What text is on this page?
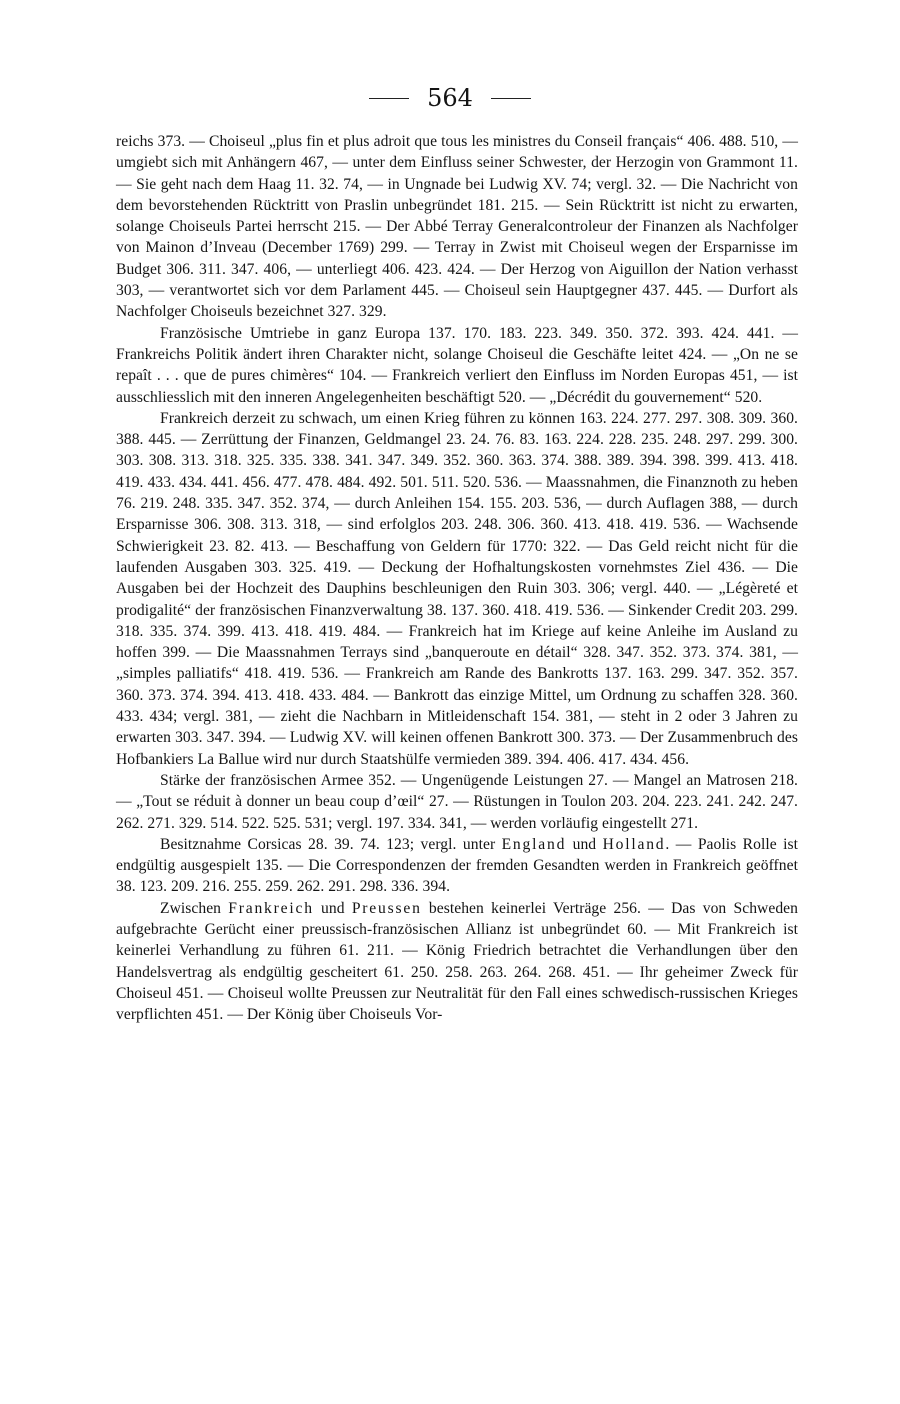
564

reichs 373. — Choiseul „plus fin et plus adroit que tous les ministres du Conseil français“ 406. 488. 510, — umgiebt sich mit Anhängern 467, — unter dem Einfluss seiner Schwester, der Herzogin von Grammont 11. — Sie geht nach dem Haag 11. 32. 74, — in Ungnade bei Ludwig XV. 74; vergl. 32. — Die Nachricht von dem bevorstehenden Rücktritt von Praslin unbegründet 181. 215. — Sein Rücktritt ist nicht zu erwarten, solange Choiseuls Partei herrscht 215. — Der Abbé Terray Generalcontroleur der Finanzen als Nachfolger von Mainon d’Inveau (December 1769) 299. — Terray in Zwist mit Choiseul wegen der Ersparnisse im Budget 306. 311. 347. 406, — unterliegt 406. 423. 424. — Der Herzog von Aiguillon der Nation verhasst 303, — verantwortet sich vor dem Parlament 445. — Choiseul sein Hauptgegner 437. 445. — Durfort als Nachfolger Choiseuls bezeichnet 327. 329.

Französische Umtriebe in ganz Europa 137. 170. 183. 223. 349. 350. 372. 393. 424. 441. — Frankreichs Politik ändert ihren Charakter nicht, solange Choiseul die Geschäfte leitet 424. — „On ne se repaît . . . que de pures chimères“ 104. — Frankreich verliert den Einfluss im Norden Europas 451, — ist ausschliesslich mit den inneren Angelegenheiten beschäftigt 520. — „Décrédit du gouvernement“ 520.

Frankreich derzeit zu schwach, um einen Krieg führen zu können 163. 224. 277. 297. 308. 309. 360. 388. 445. — Zerrüttung der Finanzen, Geldmangel 23. 24. 76. 83. 163. 224. 228. 235. 248. 297. 299. 300. 303. 308. 313. 318. 325. 335. 338. 341. 347. 349. 352. 360. 363. 374. 388. 389. 394. 398. 399. 413. 418. 419. 433. 434. 441. 456. 477. 478. 484. 492. 501. 511. 520. 536. — Maassnahmen, die Finanznoth zu heben 76. 219. 248. 335. 347. 352. 374, — durch Anleihen 154. 155. 203. 536, — durch Auflagen 388, — durch Ersparnisse 306. 308. 313. 318, — sind erfolglos 203. 248. 306. 360. 413. 418. 419. 536. — Wachsende Schwierigkeit 23. 82. 413. — Beschaffung von Geldern für 1770: 322. — Das Geld reicht nicht für die laufenden Ausgaben 303. 325. 419. — Deckung der Hofhaltungskosten vornehmstes Ziel 436. — Die Ausgaben bei der Hochzeit des Dauphins beschleunigen den Ruin 303. 306; vergl. 440. — „Légèreté et prodigalité“ der französischen Finanzverwaltung 38. 137. 360. 418. 419. 536. — Sinkender Credit 203. 299. 318. 335. 374. 399. 413. 418. 419. 484. — Frankreich hat im Kriege auf keine Anleihe im Ausland zu hoffen 399. — Die Maassnahmen Terrays sind „banqueroute en détail“ 328. 347. 352. 373. 374. 381, — „simples palliatifs“ 418. 419. 536. — Frankreich am Rande des Bankrotts 137. 163. 299. 347. 352. 357. 360. 373. 374. 394. 413. 418. 433. 484. — Bankrott das einzige Mittel, um Ordnung zu schaffen 328. 360. 433. 434; vergl. 381, — zieht die Nachbarn in Mitleidenschaft 154. 381, — steht in 2 oder 3 Jahren zu erwarten 303. 347. 394. — Ludwig XV. will keinen offenen Bankrott 300. 373. — Der Zusammenbruch des Hofbankiers La Ballue wird nur durch Staatshülfe vermieden 389. 394. 406. 417. 434. 456.

Stärke der französischen Armee 352. — Ungenügende Leistungen 27. — Mangel an Matrosen 218. — „Tout se réduit à donner un beau coup d’œil“ 27. — Rüstungen in Toulon 203. 204. 223. 241. 242. 247. 262. 271. 329. 514. 522. 525. 531; vergl. 197. 334. 341, — werden vorläufig eingestellt 271.

Besitznahme Corsicas 28. 39. 74. 123; vergl. unter England und Holland. — Paolis Rolle ist endgültig ausgespielt 135. — Die Correspondenzen der fremden Gesandten werden in Frankreich geöffnet 38. 123. 209. 216. 255. 259. 262. 291. 298. 336. 394.

Zwischen Frankreich und Preussen bestehen keinerlei Verträge 256. — Das von Schweden aufgebrachte Gerücht einer preussisch-französischen Allianz ist unbegründet 60. — Mit Frankreich ist keinerlei Verhandlung zu führen 61. 211. — König Friedrich betrachtet die Verhandlungen über den Handelsvertrag als endgültig gescheitert 61. 250. 258. 263. 264. 268. 451. — Ihr geheimer Zweck für Choiseul 451. — Choiseul wollte Preussen zur Neutralität für den Fall eines schwedisch-russischen Krieges verpflichten 451. — Der König über Choiseuls Vor-
